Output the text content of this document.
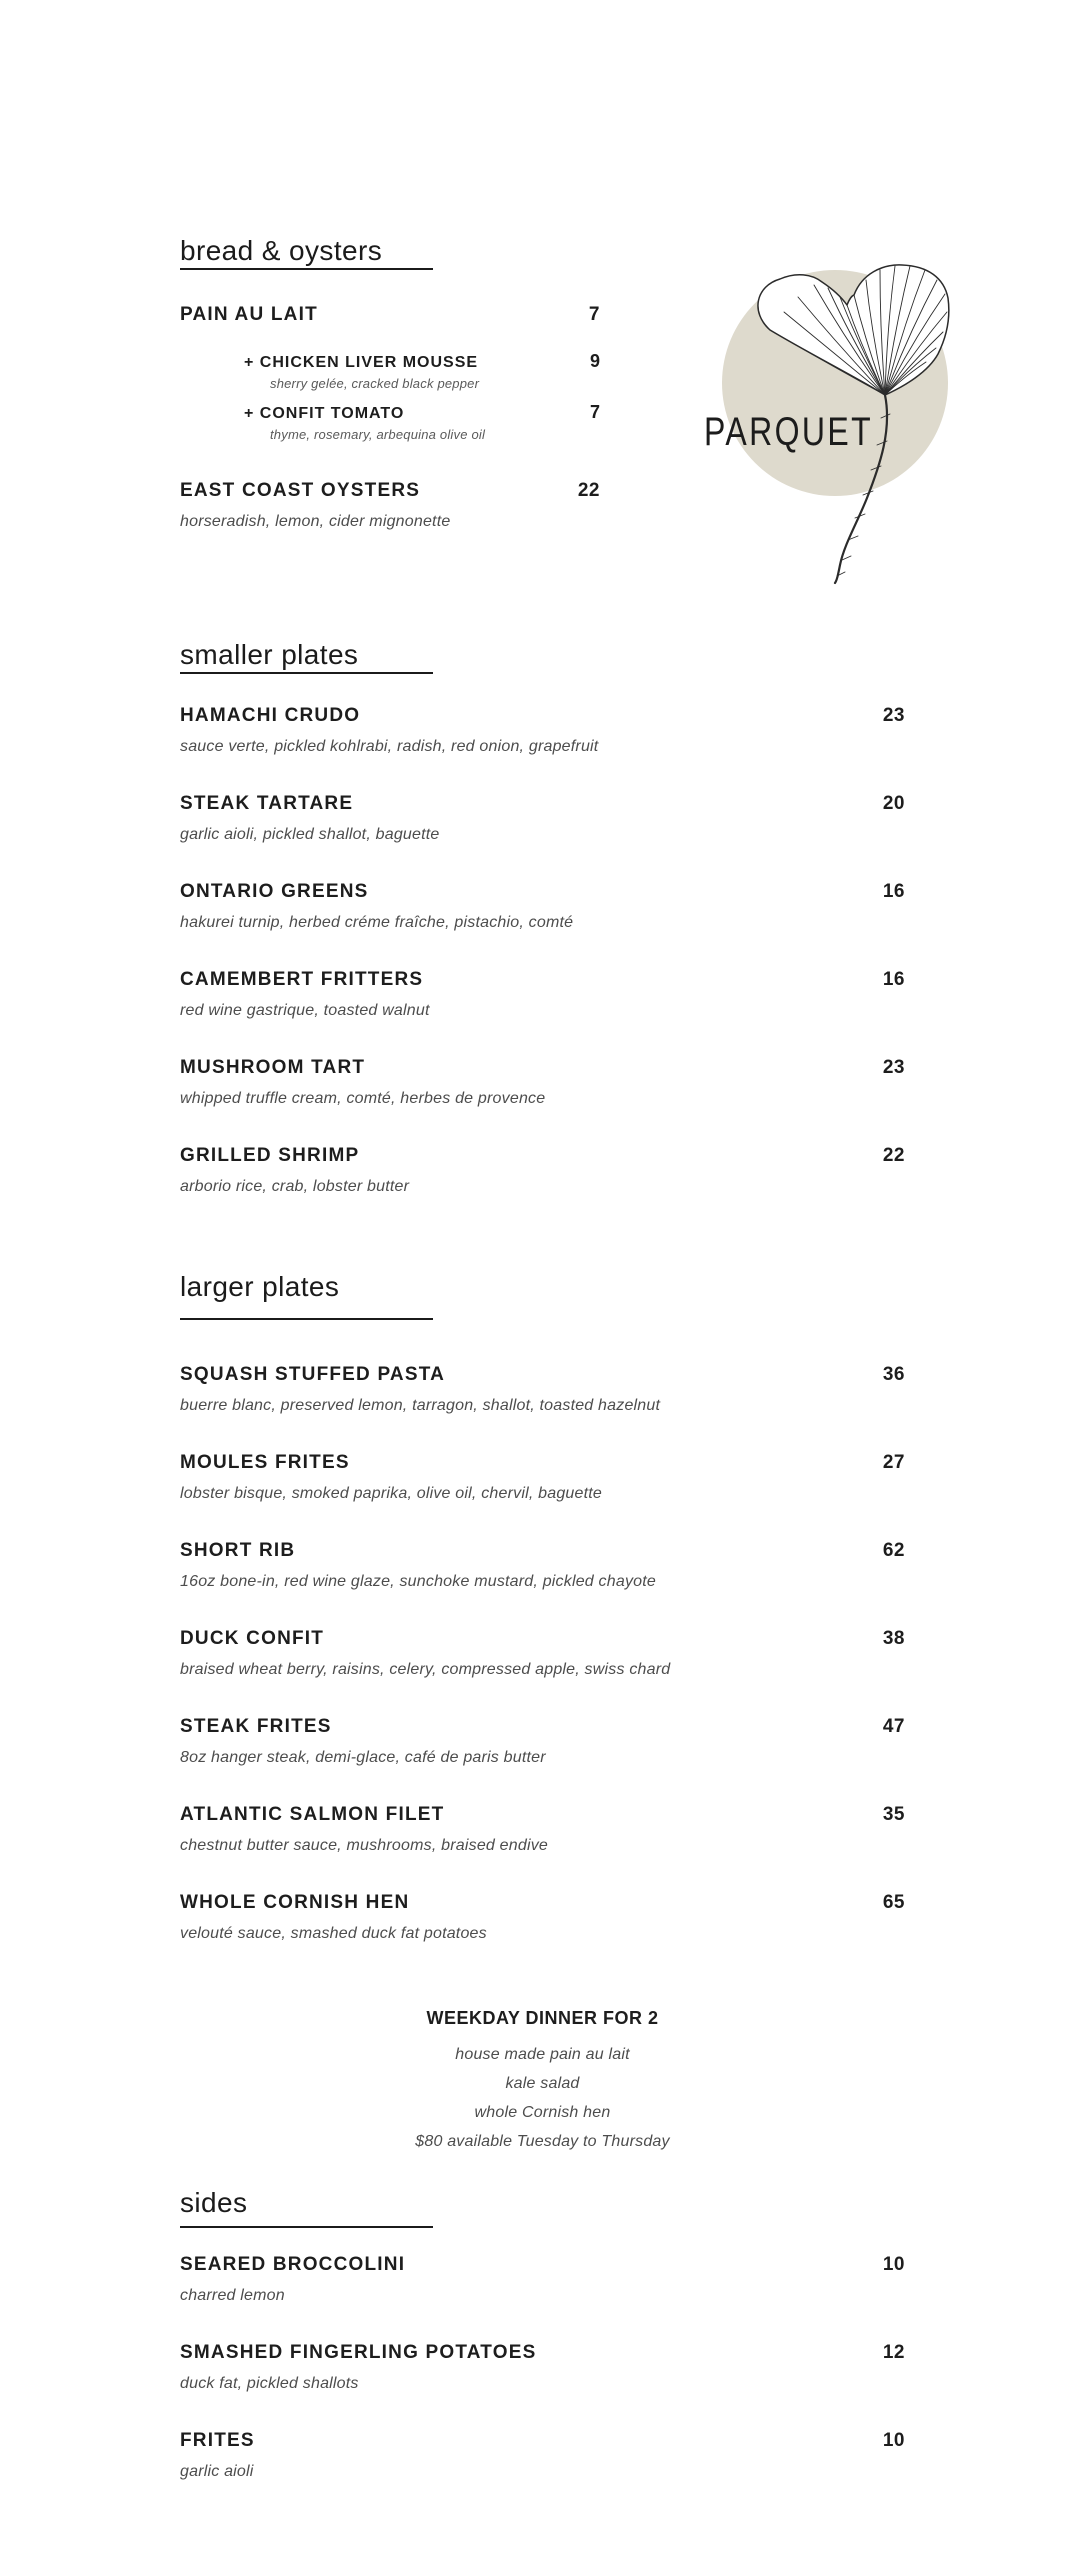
PARQUET
bread & oysters
PAIN AU LAIT	7
+ CHICKEN LIVER MOUSSE	9
sherry gelée, cracked black pepper
+ CONFIT TOMATO	7
thyme, rosemary, arbequina olive oil
EAST COAST OYSTERS	22
horseradish, lemon, cider mignonette
smaller plates
HAMACHI CRUDO	23
sauce verte, pickled kohlrabi, radish, red onion, grapefruit
STEAK TARTARE	20
garlic aioli, pickled shallot, baguette
ONTARIO GREENS	16
hakurei turnip, herbed créme fraîche, pistachio, comté
CAMEMBERT FRITTERS	16
red wine gastrique, toasted walnut
MUSHROOM TART	23
whipped truffle cream, comté, herbes de provence
GRILLED SHRIMP	22
arborio rice, crab, lobster butter
larger plates
SQUASH STUFFED PASTA	36
buerre blanc, preserved lemon, tarragon, shallot, toasted hazelnut
MOULES FRITES	27
lobster bisque, smoked paprika, olive oil, chervil, baguette
SHORT RIB	62
16oz bone-in, red wine glaze, sunchoke mustard, pickled chayote
DUCK CONFIT	38
braised wheat berry, raisins, celery, compressed apple, swiss chard
STEAK FRITES	47
8oz hanger steak, demi-glace, café de paris butter
ATLANTIC SALMON FILET	35
chestnut butter sauce, mushrooms, braised endive
WHOLE CORNISH HEN	65
velouté sauce, smashed duck fat potatoes
WEEKDAY DINNER FOR 2
house made pain au lait
kale salad
whole Cornish hen
$80 available Tuesday to Thursday
sides
SEARED BROCCOLINI	10
charred lemon
SMASHED FINGERLING POTATOES	12
duck fat, pickled shallots
FRITES	10
garlic aioli
